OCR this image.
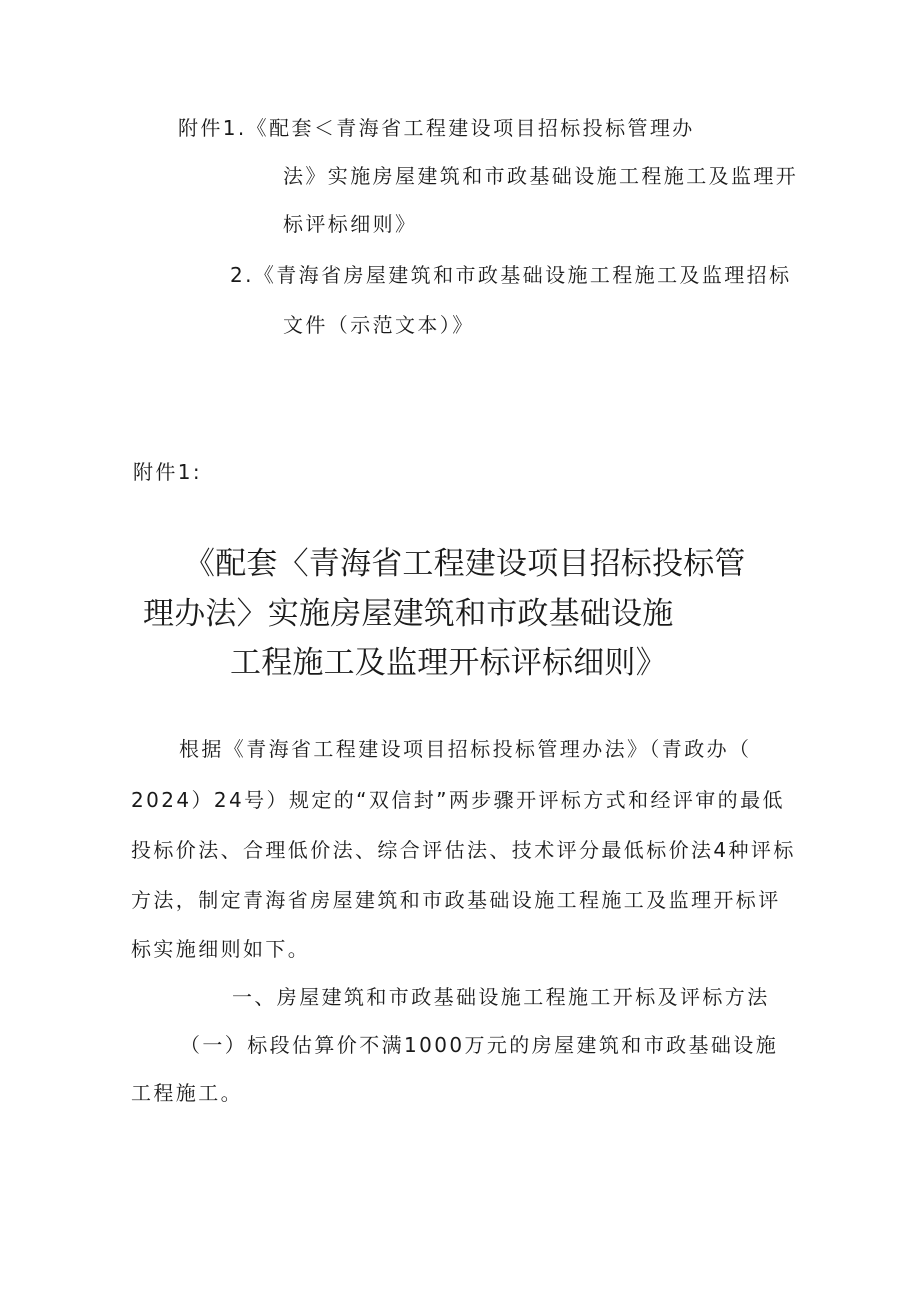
附件1.《配套＜青海省工程建设项目招标投标管理办
法》实施房屋建筑和市政基础设施工程施工及监理开
标评标细则》
2.《青海省房屋建筑和市政基础设施工程施工及监理招标
文件（示范文本）》
附件1:
《配套〈青海省工程建设项目招标投标管
理办法〉实施房屋建筑和市政基础设施
工程施工及监理开标评标细则》
根据《青海省工程建设项目招标投标管理办法》（青政办（
2024）24号）规定的“双信封”两步骤开评标方式和经评审的最低
投标价法、合理低价法、综合评估法、技术评分最低标价法4种评标
方法，制定青海省房屋建筑和市政基础设施工程施工及监理开标评
标实施细则如下。
一、房屋建筑和市政基础设施工程施工开标及评标方法
（一）标段估算价不满1000万元的房屋建筑和市政基础设施
工程施工。
